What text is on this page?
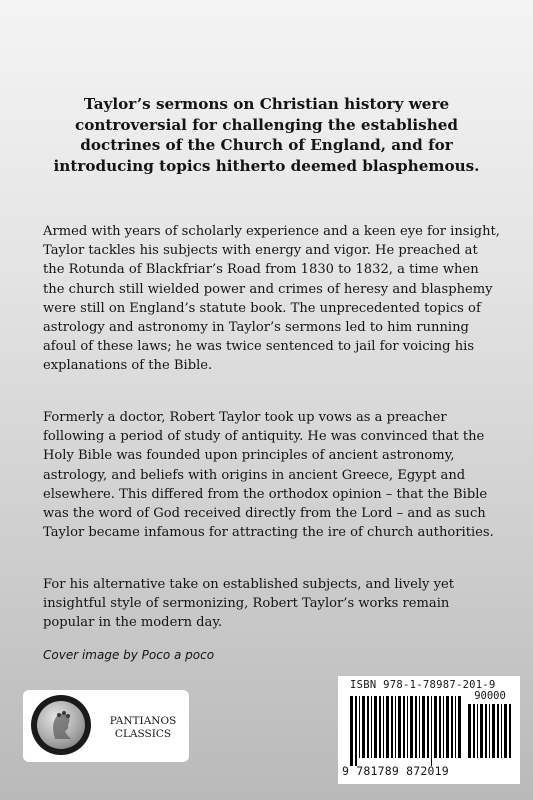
Taylor’s sermons on Christian history were controversial for challenging the established doctrines of the Church of England, and for introducing topics hitherto deemed blasphemous.

Armed with years of scholarly experience and a keen eye for insight, Taylor tackles his subjects with energy and vigor. He preached at the Rotunda of Blackfriar’s Road from 1830 to 1832, a time when the church still wielded power and crimes of heresy and blasphemy were still on England’s statute book. The unprecedented topics of astrology and astronomy in Taylor’s sermons led to him running afoul of these laws; he was twice sentenced to jail for voicing his explanations of the Bible.

Formerly a doctor, Robert Taylor took up vows as a preacher following a period of study of antiquity. He was convinced that the Holy Bible was founded upon principles of ancient astronomy, astrology, and beliefs with origins in ancient Greece, Egypt and elsewhere. This differed from the orthodox opinion – that the Bible was the word of God received directly from the Lord – and as such Taylor became infamous for attracting the ire of church authorities.

For his alternative take on established subjects, and lively yet insightful style of sermonizing, Robert Taylor’s works remain popular in the modern day.

Cover image by Poco a poco
PANTIANOS
CLASSICS
ISBN 978-1-78987-201-9
90000
9 781789 872019
